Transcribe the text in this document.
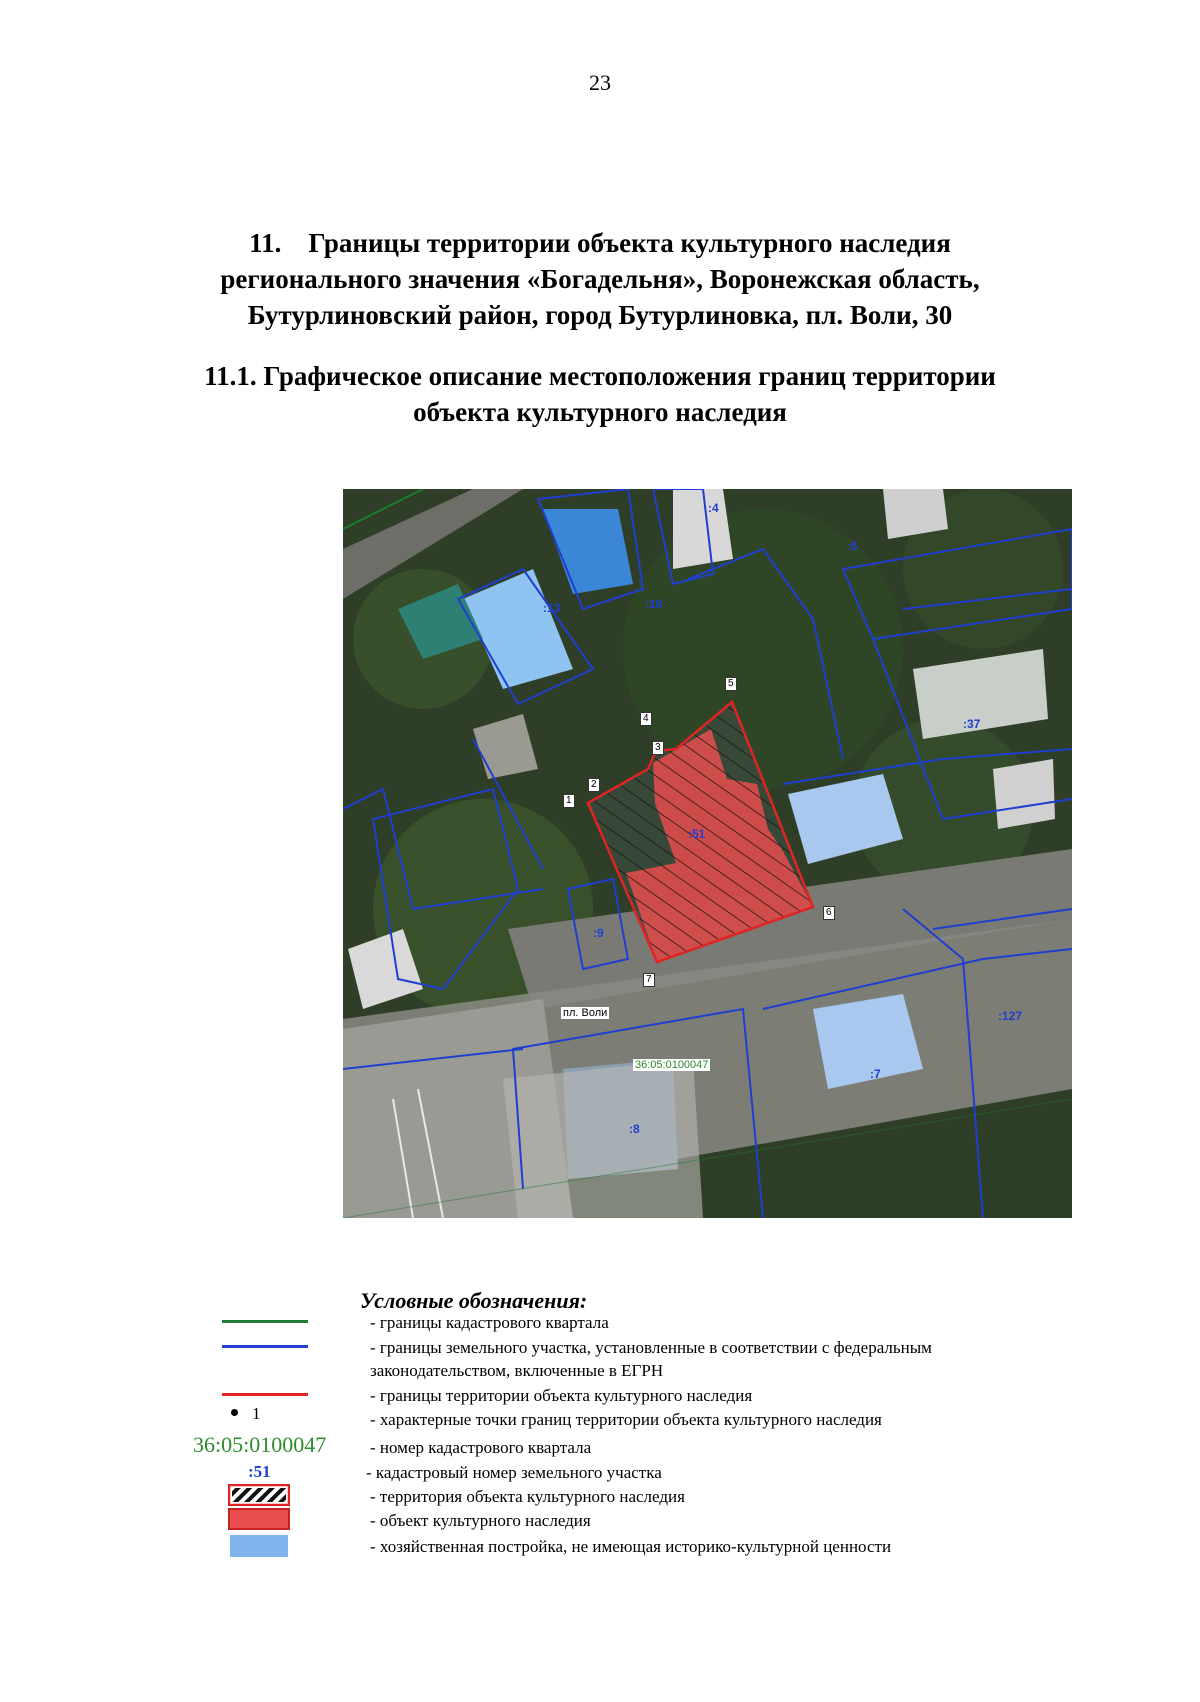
23
11. Границы территории объекта культурного наследия
регионального значения «Богадельня», Воронежская область,
Бутурлиновский район, город Бутурлиновка, пл. Воли, 30
11.1. Графическое описание местоположения границ территории
объекта культурного наследия
:4
:6
:13	:18
:51
:9
:7
:8
:37
:127
1
2
3
4
5
6
7
пл. Воли
36:05:0100047
Условные обозначения:
1
36:05:0100047
:51
- границы кадастрового квартала
- границы земельного участка, установленные в соответствии с федеральным
законодательством, включенные в ЕГРН
- границы территории объекта культурного наследия
- характерные точки границ территории объекта культурного наследия
- номер кадастрового квартала
- кадастровый номер земельного участка
- территория объекта культурного наследия
- объект культурного наследия
- хозяйственная постройка, не имеющая историко-культурной ценности
